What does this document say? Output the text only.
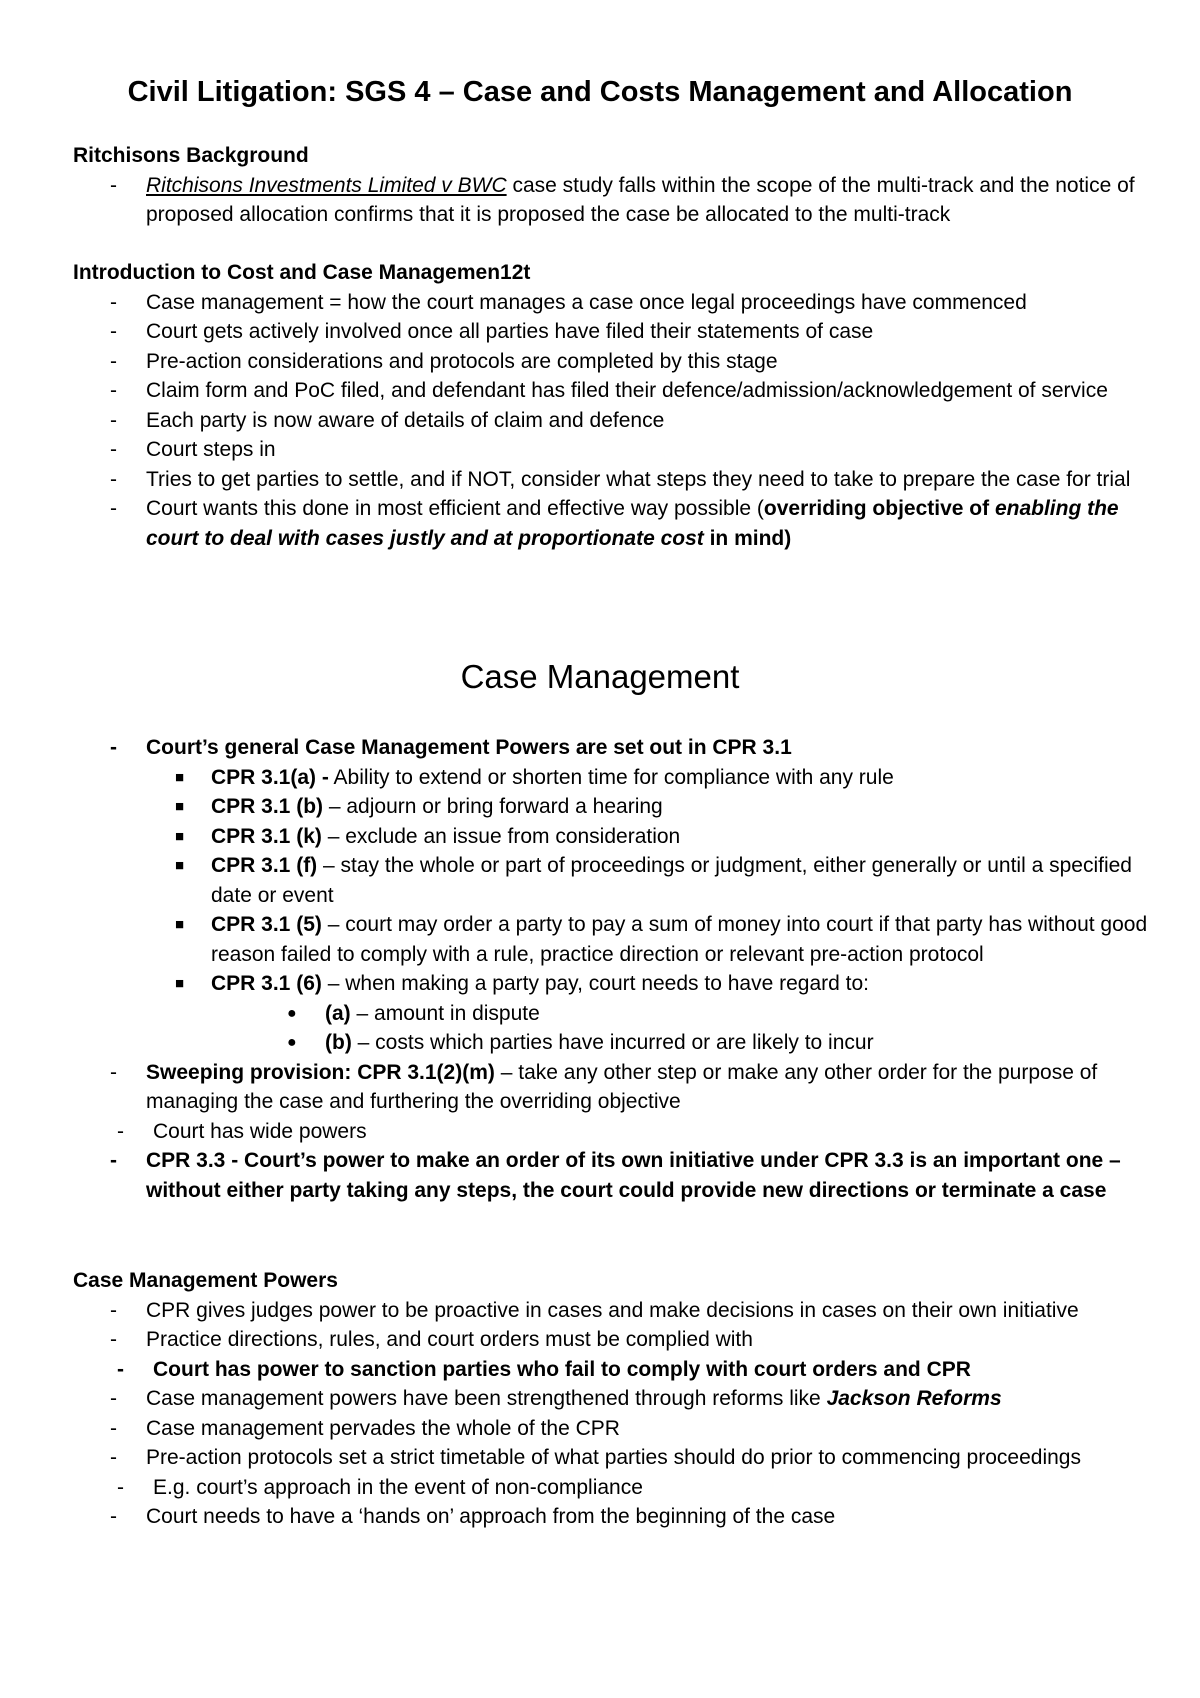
Civil Litigation: SGS 4 – Case and Costs Management and Allocation
Ritchisons Background
- Ritchisons Investments Limited v BWC case study falls within the scope of the multi-track and the notice of proposed allocation confirms that it is proposed the case be allocated to the multi-track
Introduction to Cost and Case Managemen12t
- Case management = how the court manages a case once legal proceedings have commenced
- Court gets actively involved once all parties have filed their statements of case
- Pre-action considerations and protocols are completed by this stage
- Claim form and PoC filed, and defendant has filed their defence/admission/acknowledgement of service
- Each party is now aware of details of claim and defence
- Court steps in
- Tries to get parties to settle, and if NOT, consider what steps they need to take to prepare the case for trial
- Court wants this done in most efficient and effective way possible (overriding objective of enabling the court to deal with cases justly and at proportionate cost in mind)
Case Management
- Court’s general Case Management Powers are set out in CPR 3.1
■ CPR 3.1(a) - Ability to extend or shorten time for compliance with any rule
■ CPR 3.1 (b) – adjourn or bring forward a hearing
■ CPR 3.1 (k) – exclude an issue from consideration
■ CPR 3.1 (f) – stay the whole or part of proceedings or judgment, either generally or until a specified date or event
■ CPR 3.1 (5) – court may order a party to pay a sum of money into court if that party has without good reason failed to comply with a rule, practice direction or relevant pre-action protocol
■ CPR 3.1 (6) – when making a party pay, court needs to have regard to:
● (a) – amount in dispute
● (b) – costs which parties have incurred or are likely to incur
- Sweeping provision: CPR 3.1(2)(m) – take any other step or make any other order for the purpose of managing the case and furthering the overriding objective
- Court has wide powers
- CPR 3.3 - Court’s power to make an order of its own initiative under CPR 3.3 is an important one – without either party taking any steps, the court could provide new directions or terminate a case
Case Management Powers
- CPR gives judges power to be proactive in cases and make decisions in cases on their own initiative
- Practice directions, rules, and court orders must be complied with
- Court has power to sanction parties who fail to comply with court orders and CPR
- Case management powers have been strengthened through reforms like Jackson Reforms
- Case management pervades the whole of the CPR
- Pre-action protocols set a strict timetable of what parties should do prior to commencing proceedings
- E.g. court’s approach in the event of non-compliance
- Court needs to have a ‘hands on’ approach from the beginning of the case
